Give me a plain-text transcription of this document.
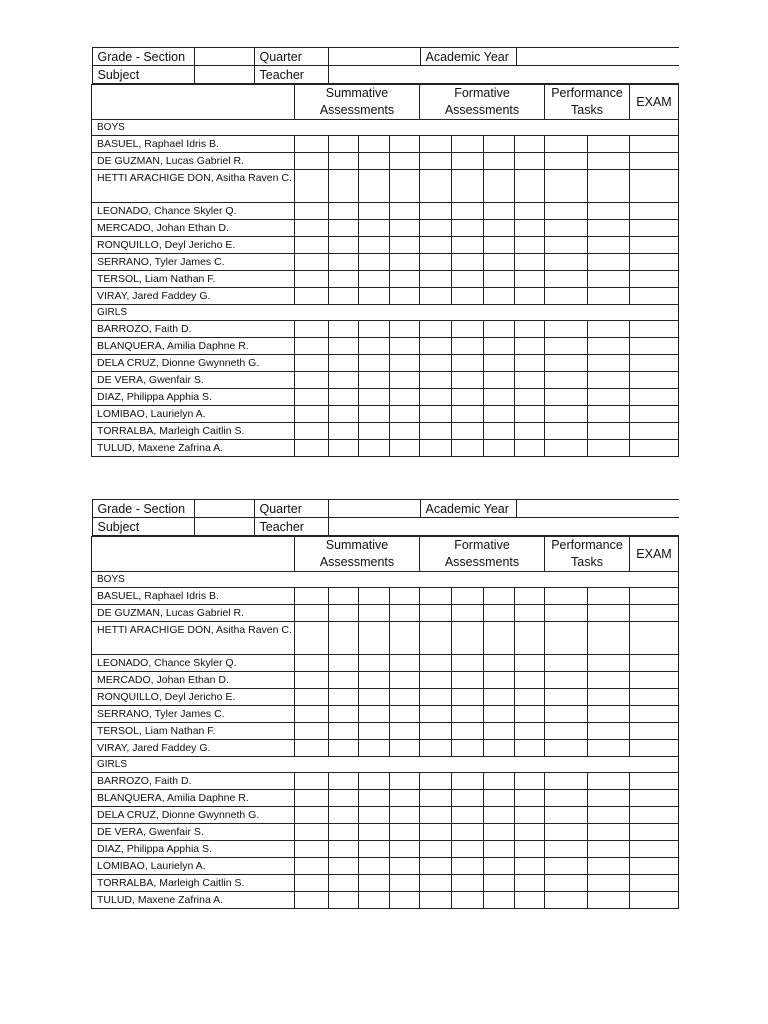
Grade - Section		Quarter		Academic Year	
Subject		Teacher	

	Summative Assessments	Formative Assessments	Performance Tasks	EXAM
BOYS
BASUEL, Raphael Idris B.											
DE GUZMAN, Lucas Gabriel R.											
HETTI ARACHIGE DON, Asitha Raven C.											
LEONADO, Chance Skyler Q.											
MERCADO, Johan Ethan D.											
RONQUILLO, Deyl Jericho E.											
SERRANO, Tyler James C.											
TERSOL, Liam Nathan F.											
VIRAY, Jared Faddey G.											
GIRLS
BARROZO, Faith D.											
BLANQUERA, Amilia Daphne R.											
DELA CRUZ, Dionne Gwynneth G.											
DE VERA, Gwenfair S.											
DIAZ, Philippa Apphia S.											
LOMIBAO, Laurielyn A.											
TORRALBA, Marleigh Caitlin S.											
TULUD, Maxene Zafrina A.											
Grade - Section		Quarter		Academic Year	
Subject		Teacher	

	Summative Assessments	Formative Assessments	Performance Tasks	EXAM
BOYS
BASUEL, Raphael Idris B.											
DE GUZMAN, Lucas Gabriel R.											
HETTI ARACHIGE DON, Asitha Raven C.											
LEONADO, Chance Skyler Q.											
MERCADO, Johan Ethan D.											
RONQUILLO, Deyl Jericho E.											
SERRANO, Tyler James C.											
TERSOL, Liam Nathan F.											
VIRAY, Jared Faddey G.											
GIRLS
BARROZO, Faith D.											
BLANQUERA, Amilia Daphne R.											
DELA CRUZ, Dionne Gwynneth G.											
DE VERA, Gwenfair S.											
DIAZ, Philippa Apphia S.											
LOMIBAO, Laurielyn A.											
TORRALBA, Marleigh Caitlin S.											
TULUD, Maxene Zafrina A.											
